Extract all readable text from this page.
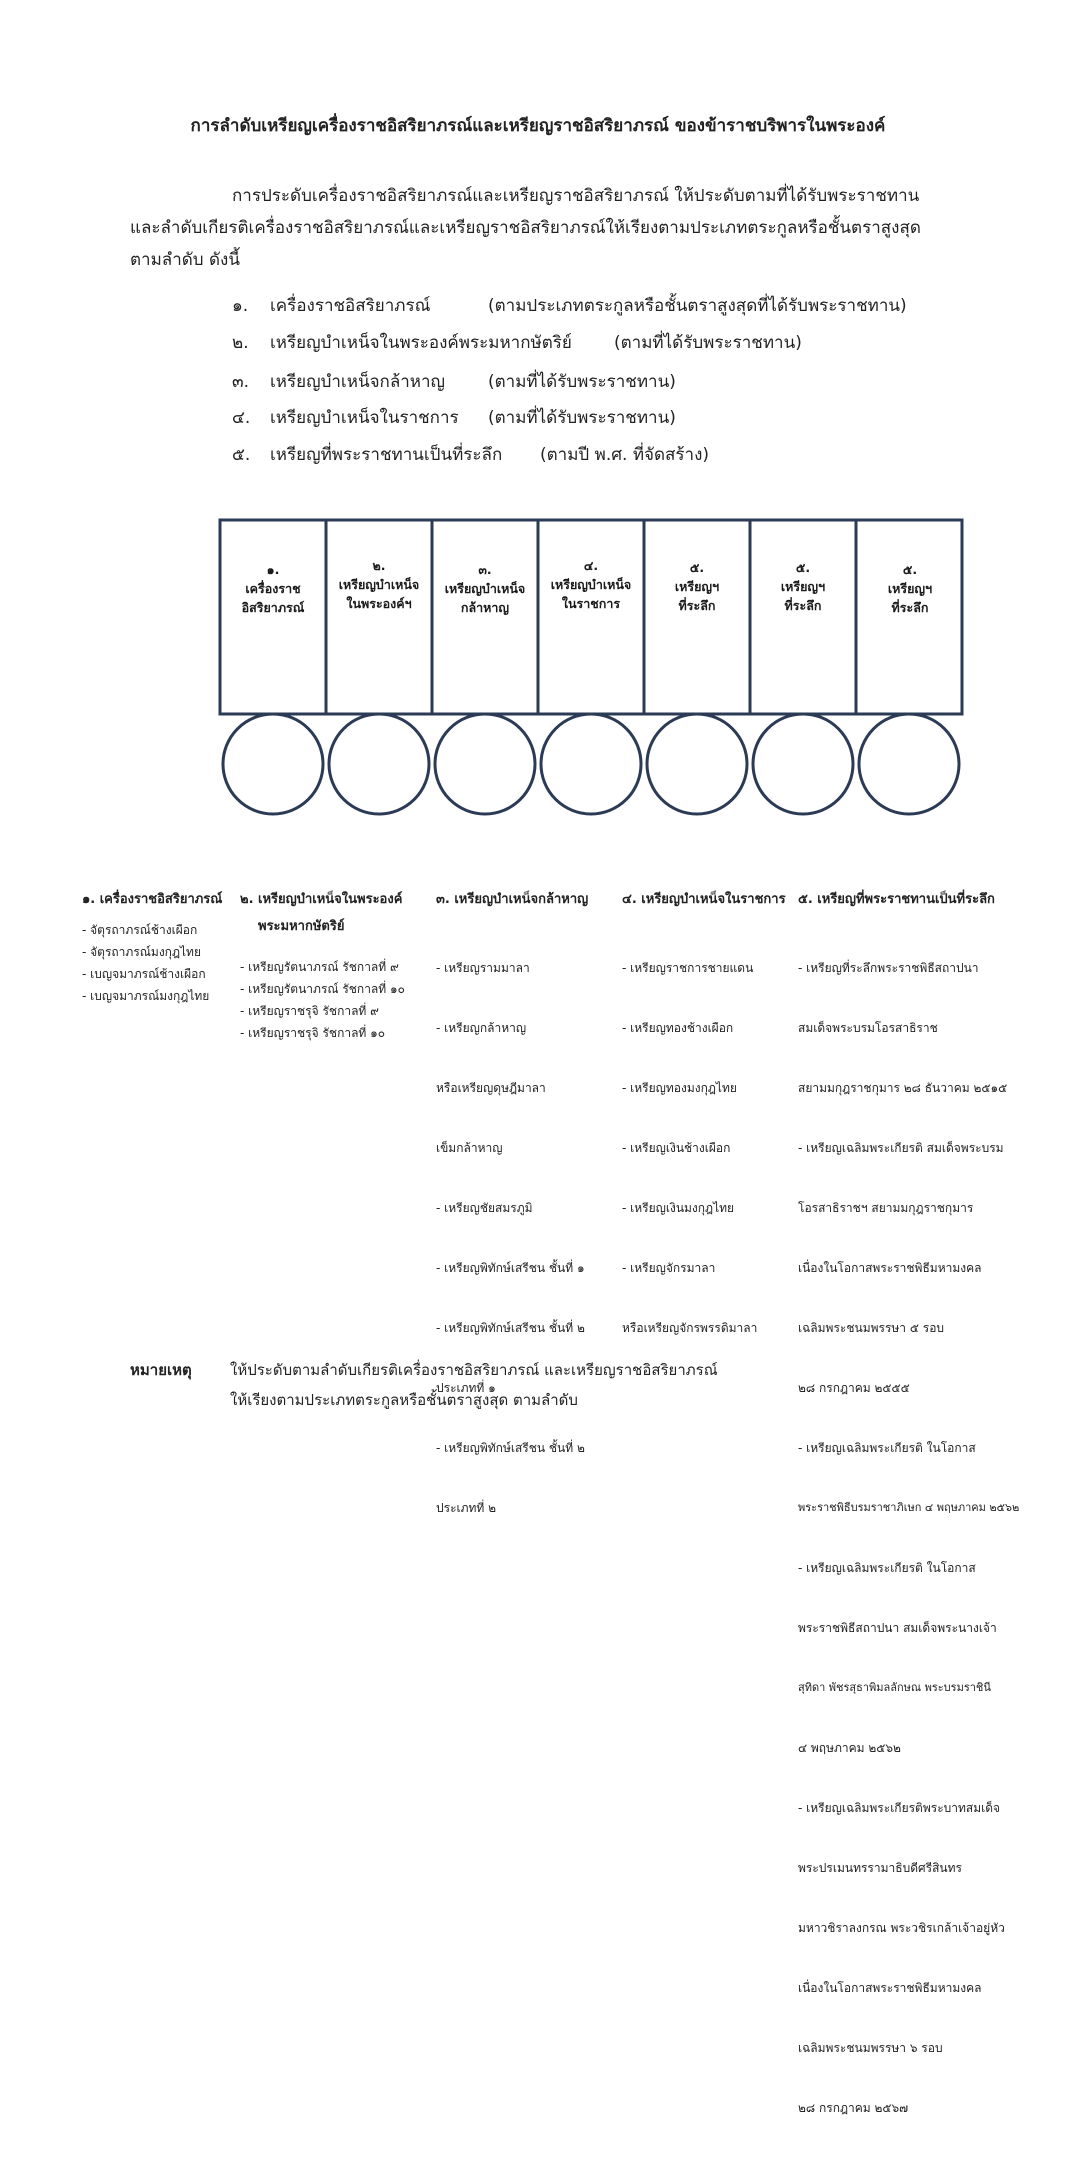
การลำดับเหรียญเครื่องราชอิสริยาภรณ์และเหรียญราชอิสริยาภรณ์ ของข้าราชบริพารในพระองค์
การประดับเครื่องราชอิสริยาภรณ์และเหรียญราชอิสริยาภรณ์ ให้ประดับตามที่ได้รับพระราชทาน
และลำดับเกียรติเครื่องราชอิสริยาภรณ์และเหรียญราชอิสริยาภรณ์ให้เรียงตามประเภทตระกูลหรือชั้นตราสูงสุด
ตามลำดับ ดังนี้
๑. เครื่องราชอิสริยาภรณ์	(ตามประเภทตระกูลหรือชั้นตราสูงสุดที่ได้รับพระราชทาน)
๒. เหรียญบำเหน็จในพระองค์พระมหากษัตริย์ (ตามที่ได้รับพระราชทาน)
๓. เหรียญบำเหน็จกล้าหาญ	(ตามที่ได้รับพระราชทาน)
๔. เหรียญบำเหน็จในราชการ (ตามที่ได้รับพระราชทาน)
๕. เหรียญที่พระราชทานเป็นที่ระลึก (ตามปี พ.ศ. ที่จัดสร้าง)
๑.
เครื่องราช
อิสริยาภรณ์
๒.
เหรียญบำเหน็จ
ในพระองค์ฯ
๓.
เหรียญบำเหน็จ
กล้าหาญ
๔.
เหรียญบำเหน็จ
ในราชการ
๕.
เหรียญฯ
ที่ระลึก
๕.
เหรียญฯ
ที่ระลึก
๕.
เหรียญฯ
ที่ระลึก
๑. เครื่องราชอิสริยาภรณ์
- จัตุรถาภรณ์ช้างเผือก
- จัตุรถาภรณ์มงกุฎไทย
- เบญจมาภรณ์ช้างเผือก
- เบญจมาภรณ์มงกุฎไทย
๒. เหรียญบำเหน็จในพระองค์
พระมหากษัตริย์
- เหรียญรัตนาภรณ์ รัชกาลที่ ๙
- เหรียญรัตนาภรณ์ รัชกาลที่ ๑๐
- เหรียญราชรุจิ รัชกาลที่ ๙
- เหรียญราชรุจิ รัชกาลที่ ๑๐
๓. เหรียญบำเหน็จกล้าหาญ

- เหรียญรามมาลา

- เหรียญกล้าหาญ

หรือเหรียญดุษฎีมาลา

เข็มกล้าหาญ

- เหรียญชัยสมรภูมิ

- เหรียญพิทักษ์เสรีชน ชั้นที่ ๑

- เหรียญพิทักษ์เสรีชน ชั้นที่ ๒

ประเภทที่ ๑

- เหรียญพิทักษ์เสรีชน ชั้นที่ ๒

ประเภทที่ ๒

๔. เหรียญบำเหน็จในราชการ

- เหรียญราชการชายแดน

- เหรียญทองช้างเผือก

- เหรียญทองมงกุฎไทย

- เหรียญเงินช้างเผือก

- เหรียญเงินมงกุฎไทย

- เหรียญจักรมาลา

หรือเหรียญจักรพรรดิมาลา

๕. เหรียญที่พระราชทานเป็นที่ระลึก

- เหรียญที่ระลึกพระราชพิธีสถาปนา

สมเด็จพระบรมโอรสาธิราช

สยามมกุฎราชกุมาร ๒๘ ธันวาคม ๒๕๑๕

- เหรียญเฉลิมพระเกียรติ สมเด็จพระบรม

โอรสาธิราชฯ สยามมกุฎราชกุมาร

เนื่องในโอกาสพระราชพิธีมหามงคล

เฉลิมพระชนมพรรษา ๕ รอบ

๒๘ กรกฎาคม ๒๕๕๕

- เหรียญเฉลิมพระเกียรติ ในโอกาส

พระราชพิธีบรมราชาภิเษก ๔ พฤษภาคม ๒๕๖๒

- เหรียญเฉลิมพระเกียรติ ในโอกาส

พระราชพิธีสถาปนา สมเด็จพระนางเจ้า

สุทิดา พัชรสุธาพิมลลักษณ พระบรมราชินี

๔ พฤษภาคม ๒๕๖๒

- เหรียญเฉลิมพระเกียรติพระบาทสมเด็จ

พระปรเมนทรรามาธิบดีศรีสินทร

มหาวชิราลงกรณ พระวชิรเกล้าเจ้าอยู่หัว

เนื่องในโอกาสพระราชพิธีมหามงคล

เฉลิมพระชนมพรรษา ๖ รอบ

๒๘ กรกฎาคม ๒๕๖๗

หมายเหตุ	ให้ประดับตามลำดับเกียรติเครื่องราชอิสริยาภรณ์ และเหรียญราชอิสริยาภรณ์
ให้เรียงตามประเภทตระกูลหรือชั้นตราสูงสุด ตามลำดับ
